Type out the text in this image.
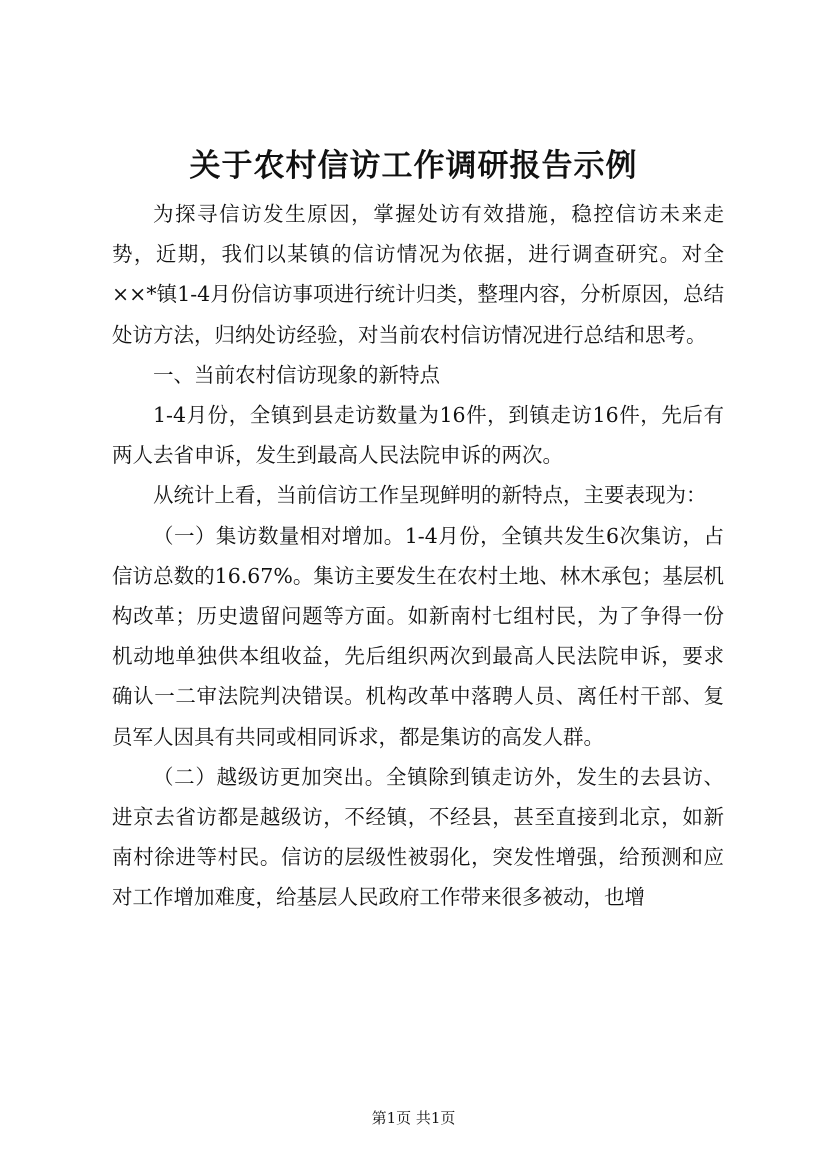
关于农村信访工作调研报告示例

为探寻信访发生原因，掌握处访有效措施，稳控信访未来走势，近期，我们以某镇的信访情况为依据，进行调查研究。对全××*镇1-4月份信访事项进行统计归类，整理内容，分析原因，总结处访方法，归纳处访经验，对当前农村信访情况进行总结和思考。

一、当前农村信访现象的新特点

1-4月份，全镇到县走访数量为16件，到镇走访16件，先后有两人去省申诉，发生到最高人民法院申诉的两次。

从统计上看，当前信访工作呈现鲜明的新特点，主要表现为：

（一）集访数量相对增加。1-4月份，全镇共发生6次集访，占信访总数的16.67%。集访主要发生在农村土地、林木承包；基层机构改革；历史遗留问题等方面。如新南村七组村民，为了争得一份机动地单独供本组收益，先后组织两次到最高人民法院申诉，要求确认一二审法院判决错误。机构改革中落聘人员、离任村干部、复员军人因具有共同或相同诉求，都是集访的高发人群。

（二）越级访更加突出。全镇除到镇走访外，发生的去县访、进京去省访都是越级访，不经镇，不经县，甚至直接到北京，如新南村徐进等村民。信访的层级性被弱化，突发性增强，给预测和应对工作增加难度，给基层人民政府工作带来很多被动，也增

第1页 共1页
